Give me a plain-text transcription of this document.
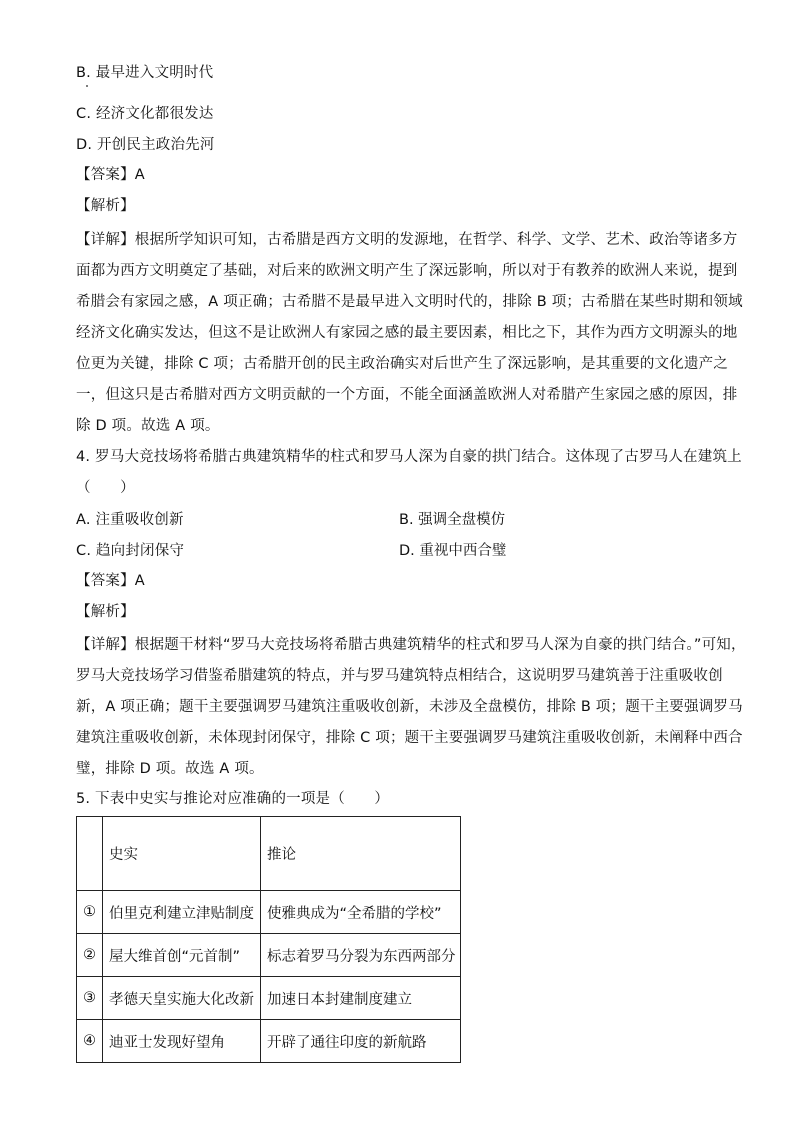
B. 最早进入文明时代
C. 经济文化都很发达
D. 开创民主政治先河
【答案】A
【解析】
【详解】根据所学知识可知，古希腊是西方文明的发源地，在哲学、科学、文学、艺术、政治等诸多方
面都为西方文明奠定了基础，对后来的欧洲文明产生了深远影响，所以对于有教养的欧洲人来说，提到
希腊会有家园之感，A 项正确；古希腊不是最早进入文明时代的，排除 B 项；古希腊在某些时期和领域
经济文化确实发达，但这不是让欧洲人有家园之感的最主要因素，相比之下，其作为西方文明源头的地
位更为关键，排除 C 项；古希腊开创的民主政治确实对后世产生了深远影响，是其重要的文化遗产之
一，但这只是古希腊对西方文明贡献的一个方面，不能全面涵盖欧洲人对希腊产生家园之感的原因，排
除 D 项。故选 A 项。
4. 罗马大竞技场将希腊古典建筑精华的柱式和罗马人深为自豪的拱门结合。这体现了古罗马人在建筑上
（　　）
A. 注重吸收创新	B. 强调全盘模仿
C. 趋向封闭保守	D. 重视中西合璧
【答案】A
【解析】
【详解】根据题干材料“罗马大竞技场将希腊古典建筑精华的柱式和罗马人深为自豪的拱门结合。”可知，
罗马大竞技场学习借鉴希腊建筑的特点，并与罗马建筑特点相结合，这说明罗马建筑善于注重吸收创
新，A 项正确；题干主要强调罗马建筑注重吸收创新，未涉及全盘模仿，排除 B 项；题干主要强调罗马
建筑注重吸收创新，未体现封闭保守，排除 C 项；题干主要强调罗马建筑注重吸收创新，未阐释中西合
璧，排除 D 项。故选 A 项。
5. 下表中史实与推论对应准确的一项是（　　）
	史实	推论
①	伯里克利建立津贴制度	使雅典成为“全希腊的学校”
②	屋大维首创“元首制”	标志着罗马分裂为东西两部分
③	孝德天皇实施大化改新	加速日本封建制度建立
④	迪亚士发现好望角	开辟了通往印度的新航路
